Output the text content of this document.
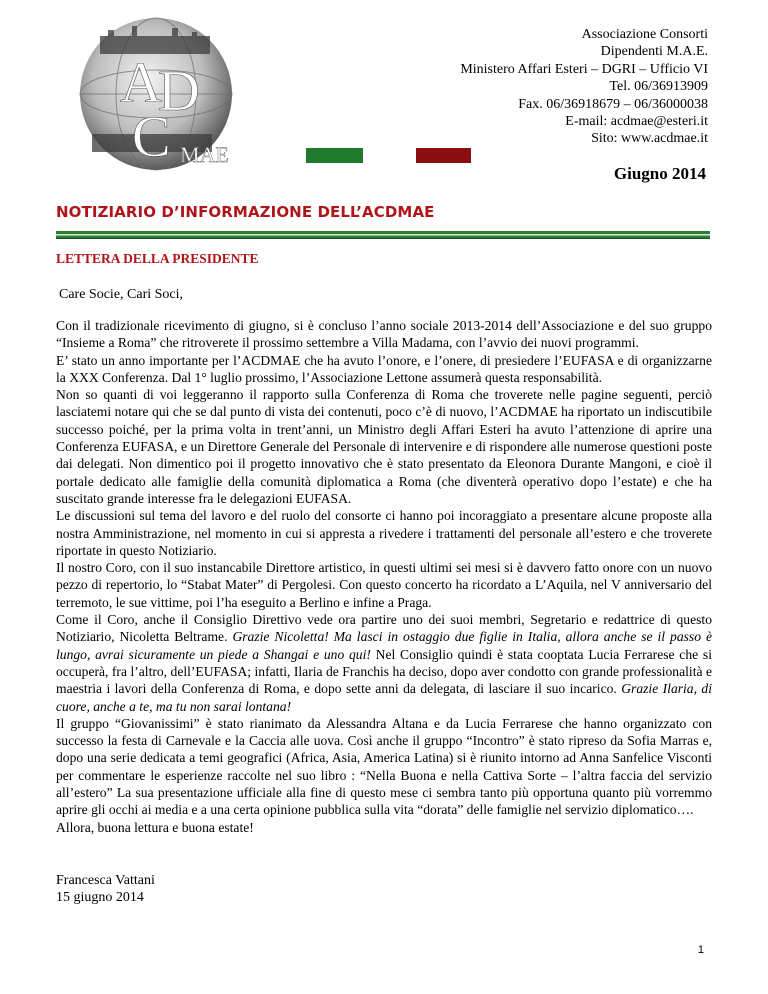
A
D
C MAE
Associazione Consorti
Dipendenti M.A.E.
Ministero Affari Esteri – DGRI – Ufficio VI
Tel. 06/36913909
Fax. 06/36918679 – 06/36000038
E-mail: acdmae@esteri.it
Sito: www.acdmae.it
Giugno 2014
NOTIZIARIO D’INFORMAZIONE DELL’ACDMAE
LETTERA DELLA PRESIDENTE
Care Socie, Cari Soci,

Con il tradizionale ricevimento di giugno, si è concluso l’anno sociale 2013-2014 dell’Associazione e del suo gruppo “Insieme a Roma” che ritroverete il prossimo settembre a Villa Madama, con l’avvio dei nuovi programmi.

E’ stato un anno importante per l’ACDMAE che ha avuto l’onore, e l’onere, di presiedere l’EUFASA e di organizzarne la XXX Conferenza. Dal 1° luglio prossimo, l’Associazione Lettone assumerà questa responsabilità.

Non so quanti di voi leggeranno il rapporto sulla Conferenza di Roma che troverete nelle pagine seguenti, perciò lasciatemi notare qui che se dal punto di vista dei contenuti, poco c’è di nuovo, l’ACDMAE ha riportato un indiscutibile successo poiché, per la prima volta in trent’anni, un Ministro degli Affari Esteri ha avuto l’attenzione di aprire una Conferenza EUFASA, e un Direttore Generale del Personale di intervenire e di rispondere alle numerose questioni poste dai delegati. Non dimentico poi il progetto innovativo che è stato presentato da Eleonora Durante Mangoni, e cioè il portale dedicato alle famiglie della comunità diplomatica a Roma (che diventerà operativo dopo l’estate) e che ha suscitato grande interesse fra le delegazioni EUFASA.

Le discussioni sul tema del lavoro e del ruolo del consorte ci hanno poi incoraggiato a presentare alcune proposte alla nostra Amministrazione, nel momento in cui si appresta a rivedere i trattamenti del personale all’estero e che troverete riportate in questo Notiziario.

Il nostro Coro, con il suo instancabile Direttore artistico, in questi ultimi sei mesi si è davvero fatto onore con un nuovo pezzo di repertorio, lo “Stabat Mater” di Pergolesi. Con questo concerto ha ricordato a L’Aquila, nel V anniversario del terremoto, le sue vittime, poi l’ha eseguito a Berlino e infine a Praga.

Come il Coro, anche il Consiglio Direttivo vede ora partire uno dei suoi membri, Segretario e redattrice di questo Notiziario, Nicoletta Beltrame. Grazie Nicoletta! Ma lasci in ostaggio due figlie in Italia, allora anche se il passo è lungo, avrai sicuramente un piede a Shangai e uno qui! Nel Consiglio quindi è stata cooptata Lucia Ferrarese che si occuperà, fra l’altro, dell’EUFASA; infatti, Ilaria de Franchis ha deciso, dopo aver condotto con grande professionalità e maestria i lavori della Conferenza di Roma, e dopo sette anni da delegata, di lasciare il suo incarico. Grazie Ilaria, di cuore, anche a te, ma tu non sarai lontana!

Il gruppo “Giovanissimi” è stato rianimato da Alessandra Altana e da Lucia Ferrarese che hanno organizzato con successo la festa di Carnevale e la Caccia alle uova. Così anche il gruppo “Incontro” è stato ripreso da Sofia Marras e, dopo una serie dedicata a temi geografici (Africa, Asia, America Latina) si è riunito intorno ad Anna Sanfelice Visconti per commentare le esperienze raccolte nel suo libro : “Nella Buona e nella Cattiva Sorte – l’altra faccia del servizio all’estero” La sua presentazione ufficiale alla fine di questo mese ci sembra tanto più opportuna quanto più vorremmo aprire gli occhi ai media e a una certa opinione pubblica sulla vita “dorata” delle famiglie nel servizio diplomatico….

Allora, buona lettura e buona estate!

Francesca Vattani
15 giugno 2014
1
